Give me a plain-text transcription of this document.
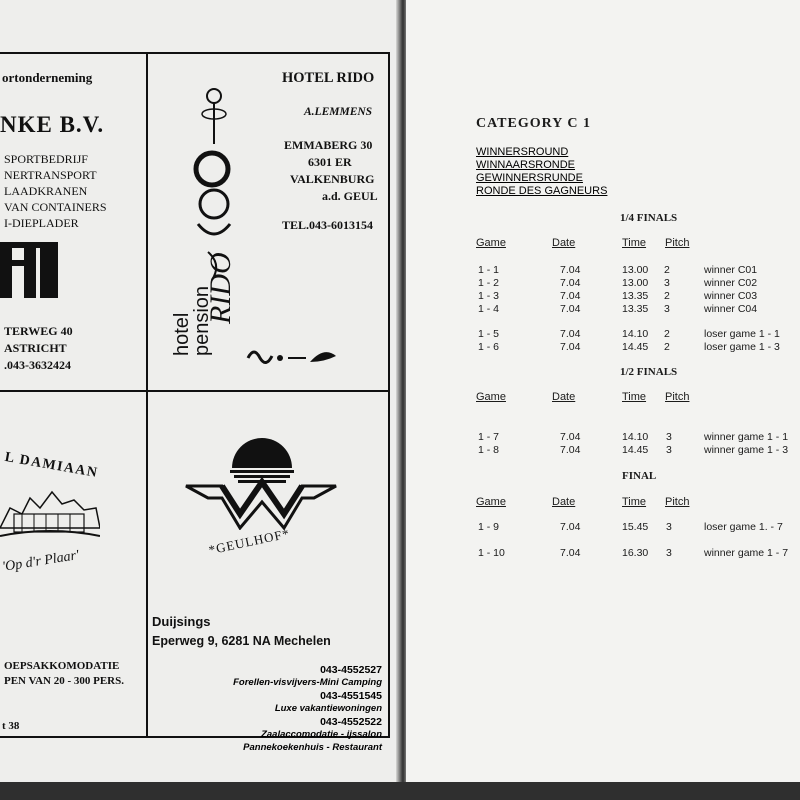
ortonderneming
NKE B.V.
SPORTBEDRIJF
NERTRANSPORT
LAADKRANEN
VAN CONTAINERS
I-DIEPLADER
TERWEG 40
ASTRICHT
.043-3632424
hotel
pension
RIDO
HOTEL RIDO
A.LEMMENS
EMMABERG 30
6301 ER
VALKENBURG
a.d. GEUL
TEL.043-6013154
L DAMIAAN
'Op d'r Plaar'
OEPSAKKOMODATIE
PEN VAN 20 - 300 PERS.
t 38
*GEULHOF*
Duijsings
Eperweg 9, 6281 NA Mechelen
043-4552527
Forellen-visvijvers-Mini Camping
043-4551545
Luxe vakantiewoningen
043-4552522
Zaalaccomodatie - ijssalon
Pannekoekenhuis - Restaurant
CATEGORY C 1
WINNERSROUND
WINNAARSRONDE
GEWINNERSRUNDE
RONDE DES GAGNEURS
1/4 FINALS
Game	Date	Time Pitch
1 - 1	7.04	13.00 2	winner C01
1 - 2	7.04	13.00 3	winner C02
1 - 3	7.04	13.35 2	winner C03
1 - 4	7.04	13.35 3	winner C04
1 - 5	7.04	14.10 2	loser game 1 - 1
1 - 6	7.04	14.45 2	loser game 1 - 3
1/2 FINALS
Game	Date	Time Pitch
1 - 7	7.04	14.10 3	winner game 1 - 1
1 - 8	7.04	14.45 3	winner game 1 - 3
FINAL
Game	Date	Time Pitch
1 - 9	7.04	15.45 3	loser game 1. - 7
1 - 10	7.04	16.30 3	winner game 1 - 7
